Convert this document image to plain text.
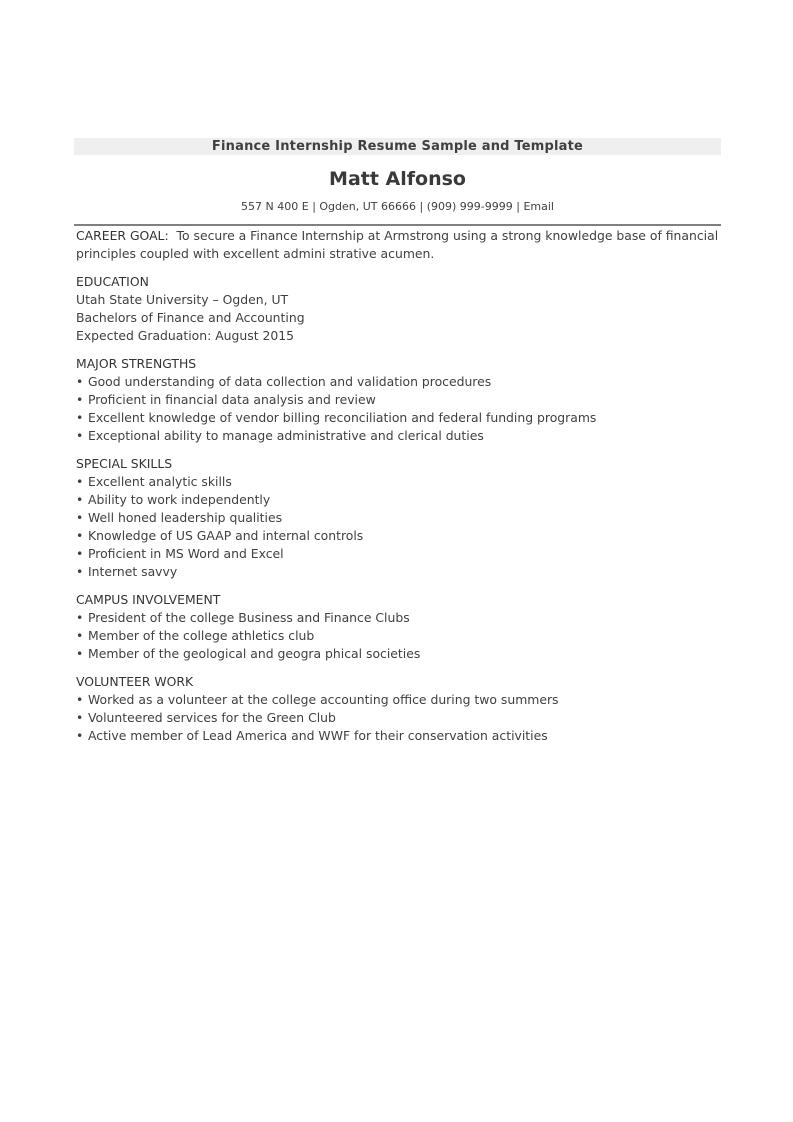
Finance Internship Resume Sample and Template
Matt Alfonso
557 N 400 E | Ogden, UT 66666 | (909) 999-9999 | Email
CAREER GOAL: To secure a Finance Internship at Armstrong using a strong knowledge base of financial principles coupled with excellent admini strative acumen.
EDUCATION
Utah State University – Ogden, UT
Bachelors of Finance and Accounting
Expected Graduation: August 2015
MAJOR STRENGTHS
• Good understanding of data collection and validation procedures
• Proficient in financial data analysis and review
• Excellent knowledge of vendor billing reconciliation and federal funding programs
• Exceptional ability to manage administrative and clerical duties
SPECIAL SKILLS
• Excellent analytic skills
• Ability to work independently
• Well honed leadership qualities
• Knowledge of US GAAP and internal controls
• Proficient in MS Word and Excel
• Internet savvy
CAMPUS INVOLVEMENT
• President of the college Business and Finance Clubs
• Member of the college athletics club
• Member of the geological and geogra phical societies
VOLUNTEER WORK
• Worked as a volunteer at the college accounting office during two summers
• Volunteered services for the Green Club
• Active member of Lead America and WWF for their conservation activities
